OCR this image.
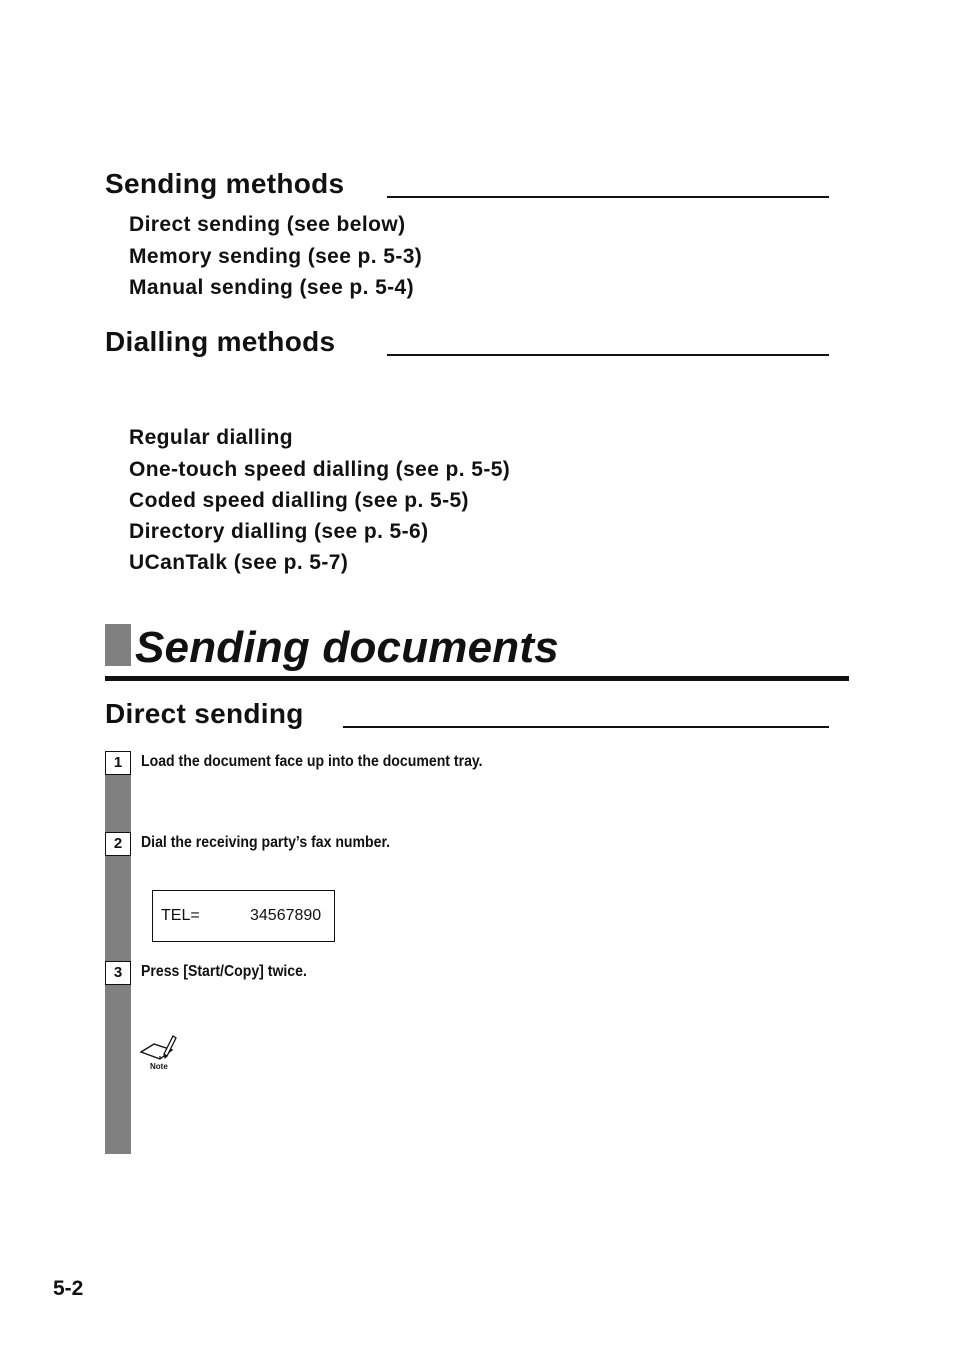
Sending methods
Direct sending (see below)
Memory sending (see p. 5-3)
Manual sending (see p. 5-4)
Dialling methods
Regular dialling
One-touch speed dialling (see p. 5-5)
Coded speed dialling (see p. 5-5)
Directory dialling (see p. 5-6)
UCanTalk (see p. 5-7)
Sending documents
Direct sending
1	Load the document face up into the document tray.
2	Dial the receiving party’s fax number.
TEL=	34567890
3	Press [Start/Copy] twice.
Note
5-2
